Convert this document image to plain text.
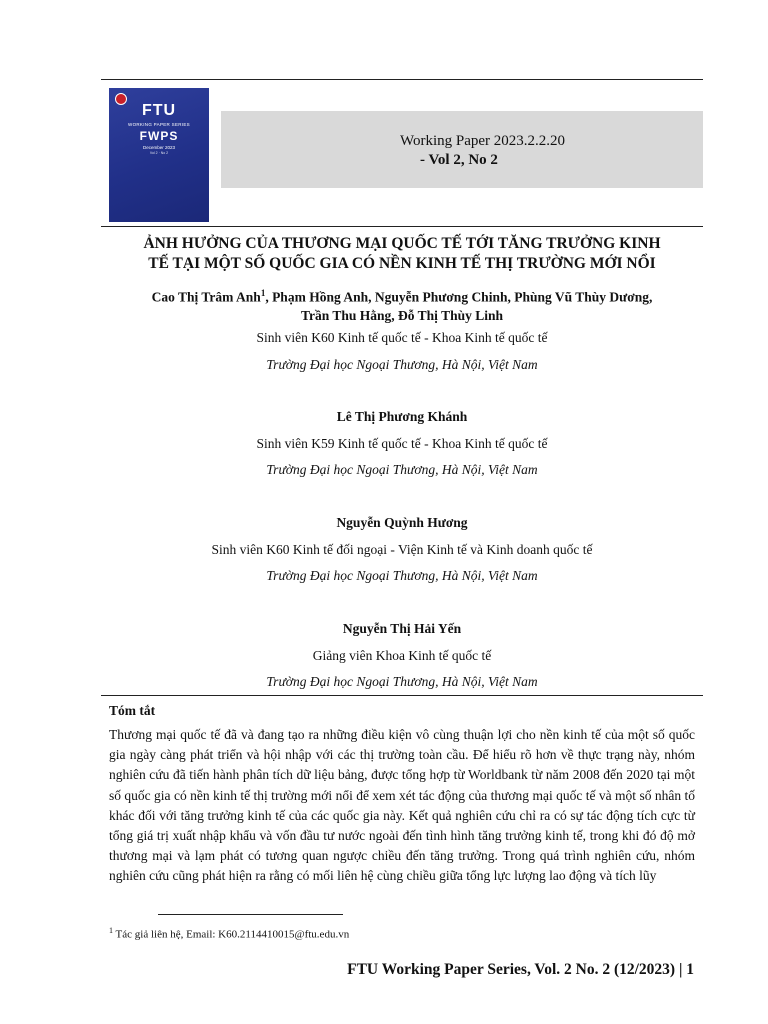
FTU
WORKING PAPER SERIES
FWPS
December 2023
Vol 2 · No 2
Working Paper 2023.2.2.20
- Vol 2, No 2
ẢNH HƯỞNG CỦA THƯƠNG MẠI QUỐC TẾ TỚI TĂNG TRƯỞNG KINH
TẾ TẠI MỘT SỐ QUỐC GIA CÓ NỀN KINH TẾ THỊ TRƯỜNG MỚI NỔI
Cao Thị Trâm Anh$^1$, Phạm Hồng Anh, Nguyễn Phương Chinh, Phùng Vũ Thùy Dương,
Trần Thu Hằng, Đỗ Thị Thùy Linh
Sinh viên K60 Kinh tế quốc tế - Khoa Kinh tế quốc tế
Trường Đại học Ngoại Thương, Hà Nội, Việt Nam
Lê Thị Phương Khánh
Sinh viên K59 Kinh tế quốc tế - Khoa Kinh tế quốc tế
Trường Đại học Ngoại Thương, Hà Nội, Việt Nam
Nguyễn Quỳnh Hương
Sinh viên K60 Kinh tế đối ngoại - Viện Kinh tế và Kinh doanh quốc tế
Trường Đại học Ngoại Thương, Hà Nội, Việt Nam
Nguyễn Thị Hải Yến
Giảng viên Khoa Kinh tế quốc tế
Trường Đại học Ngoại Thương, Hà Nội, Việt Nam
Tóm tắt
Thương mại quốc tế đã và đang tạo ra những điều kiện vô cùng thuận lợi cho nền kinh tế của một số quốc gia ngày càng phát triển và hội nhập với các thị trường toàn cầu. Để hiểu rõ hơn về thực trạng này, nhóm nghiên cứu đã tiến hành phân tích dữ liệu bảng, được tổng hợp từ Worldbank từ năm 2008 đến 2020 tại một số quốc gia có nền kinh tế thị trường mới nổi để xem xét tác động của thương mại quốc tế và một số nhân tố khác đối với tăng trưởng kinh tế của các quốc gia này. Kết quả nghiên cứu chỉ ra có sự tác động tích cực từ tổng giá trị xuất nhập khẩu và vốn đầu tư nước ngoài đến tình hình tăng trưởng kinh tế, trong khi đó độ mở thương mại và lạm phát có tương quan ngược chiều đến tăng trưởng. Trong quá trình nghiên cứu, nhóm nghiên cứu cũng phát hiện ra rằng có mối liên hệ cùng chiều giữa tổng lực lượng lao động và tích lũy
$^1$ Tác giả liên hệ, Email: K60.2114410015@ftu.edu.vn
FTU Working Paper Series, Vol. 2 No. 2 (12/2023) | 1
